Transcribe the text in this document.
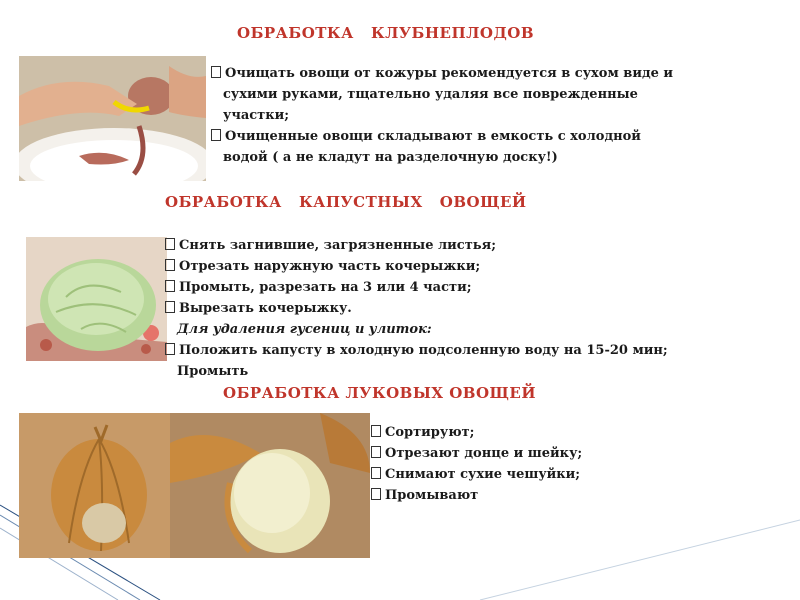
ОБРАБОТКА   КЛУБНЕПЛОДОВ
Очищать овощи от кожуры рекомендуется в сухом виде и
сухими руками, тщательно удаляя все поврежденные
участки;
Очищенные овощи складывают в емкость с холодной
водой ( а не кладут на разделочную доску!)
ОБРАБОТКА   КАПУСТНЫХ   ОВОЩЕЙ
Снять загнившие, загрязненные листья;
Отрезать наружную часть кочерыжки;
Промыть, разрезать на 3 или 4 части;
Вырезать кочерыжку.
Для удаления гусениц и улиток:
Положить капусту в холодную подсоленную воду на 15-20 мин;
Промыть
ОБРАБОТКА ЛУКОВЫХ ОВОЩЕЙ
Сортируют;
Отрезают донце и шейку;
Снимают сухие чешуйки;
Промывают
